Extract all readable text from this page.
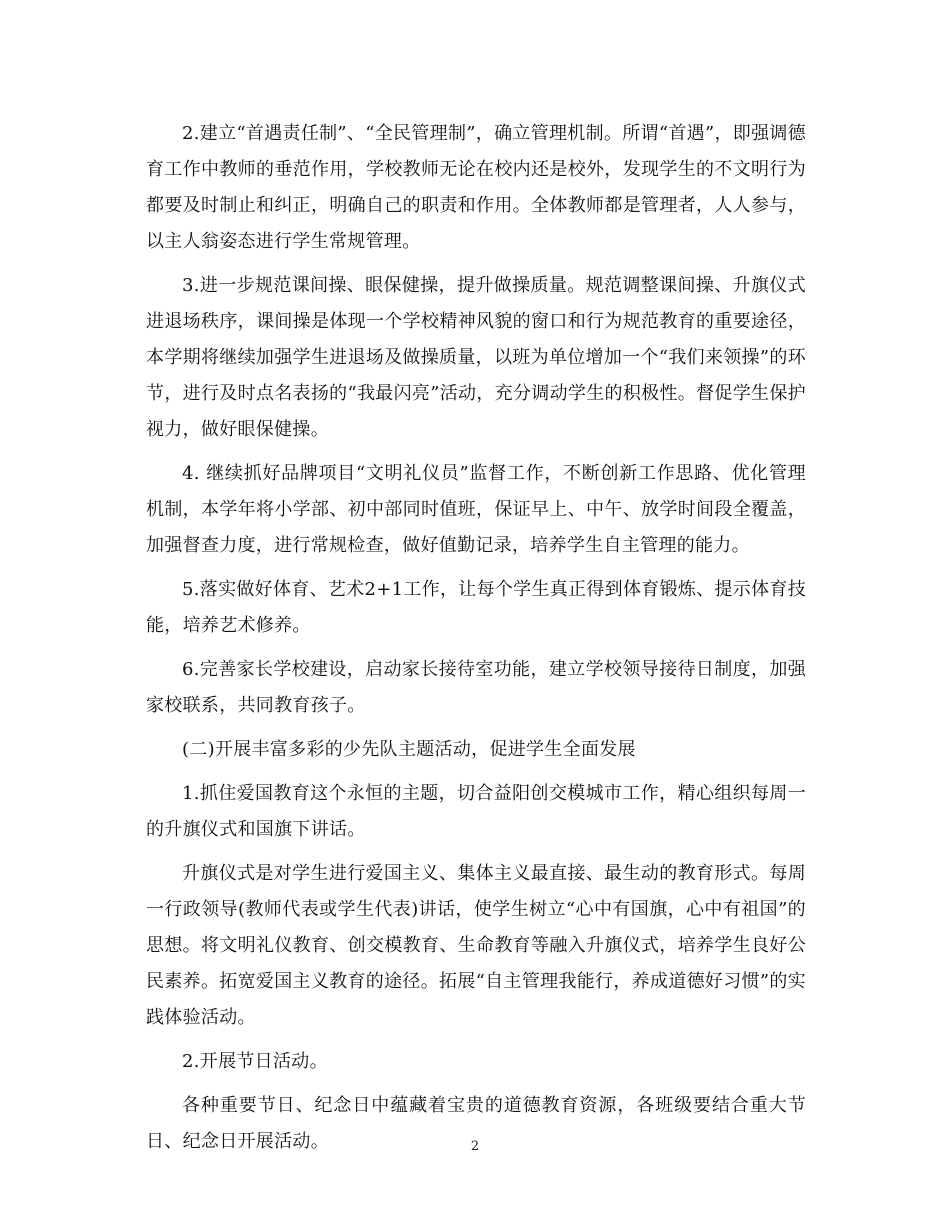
2.建立“首遇责任制”、“全民管理制”，确立管理机制。所谓“首遇”，即强调德育工作中教师的垂范作用，学校教师无论在校内还是校外，发现学生的不文明行为都要及时制止和纠正，明确自己的职责和作用。全体教师都是管理者，人人参与，以主人翁姿态进行学生常规管理。

3.进一步规范课间操、眼保健操，提升做操质量。规范调整课间操、升旗仪式进退场秩序，课间操是体现一个学校精神风貌的窗口和行为规范教育的重要途径，本学期将继续加强学生进退场及做操质量，以班为单位增加一个“我们来领操”的环节，进行及时点名表扬的“我最闪亮”活动，充分调动学生的积极性。督促学生保护视力，做好眼保健操。

4. 继续抓好品牌项目“文明礼仪员”监督工作，不断创新工作思路、优化管理机制，本学年将小学部、初中部同时值班，保证早上、中午、放学时间段全覆盖，加强督查力度，进行常规检查，做好值勤记录，培养学生自主管理的能力。

5.落实做好体育、艺术2+1工作，让每个学生真正得到体育锻炼、提示体育技能，培养艺术修养。

6.完善家长学校建设，启动家长接待室功能，建立学校领导接待日制度，加强家校联系，共同教育孩子。

(二)开展丰富多彩的少先队主题活动，促进学生全面发展

1.抓住爱国教育这个永恒的主题，切合益阳创交模城市工作，精心组织每周一的升旗仪式和国旗下讲话。

升旗仪式是对学生进行爱国主义、集体主义最直接、最生动的教育形式。每周一行政领导(教师代表或学生代表)讲话，使学生树立“心中有国旗，心中有祖国”的思想。将文明礼仪教育、创交模教育、生命教育等融入升旗仪式，培养学生良好公民素养。拓宽爱国主义教育的途径。拓展“自主管理我能行，养成道德好习惯”的实践体验活动。

2.开展节日活动。

各种重要节日、纪念日中蕴藏着宝贵的道德教育资源，各班级要结合重大节日、纪念日开展活动。	2
